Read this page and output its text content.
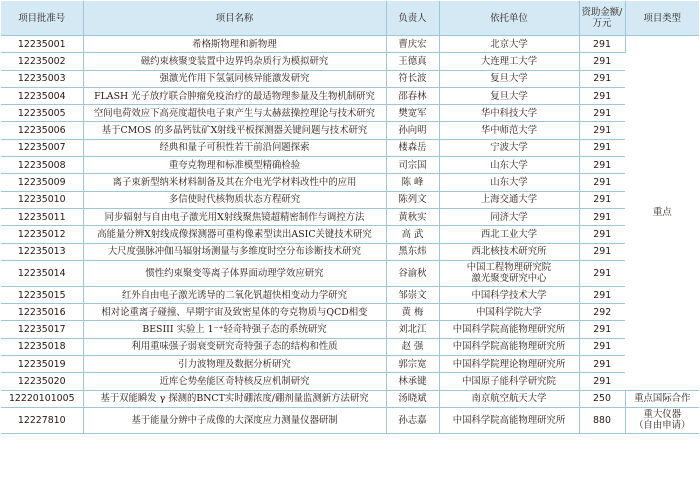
项目批准号	项目名称	负责人	依托单位	资助金额/万元	项目类型
12235001	希格斯物理和新物理	曹庆宏	北京大学	291	重点
12235002	磁约束核聚变装置中边界钨杂质行为模拟研究	王德真	大连理工大学	291	
12235003	强激光作用下氢氩同核异能激发研究	符长波	复旦大学	291	
12235004	FLASH 光子放疗联合肿瘤免疫治疗的最适物理参量及生物机制研究	邵春林	复旦大学	291	
12235005	空间电荷效应下高亮度超快电子束产生与太赫兹操控理论与技术研究	樊宽军	华中科技大学	291	
12235006	基于CMOS 的多晶钙钛矿X射线平板探测器关键问题与技术研究	孙向明	华中师范大学	291	
12235007	经典和量子可积性若干前沿问题探索	楼森岳	宁波大学	291	
12235008	重夸克物理和标准模型精确检验	司宗国	山东大学	291	
12235009	离子束新型纳米材料制备及其在介电光学材料改性中的应用	陈 峰	山东大学	291	
12235010	多信使时代核物质状态方程研究	陈列文	上海交通大学	291	
12235011	同步辐射与自由电子激光用X射线聚焦镜超精密制作与调控方法	黄秋实	同济大学	291	
12235012	高能量分辨X射线成像探测器可重构像素型读出ASIC关键技术研究	高 武	西北工业大学	291	
12235013	大尺度强脉冲伽马辐射场测量与多维度时空分布诊断技术研究	黑东炜	西北核技术研究所	291	
12235014	惯性约束聚变等离子体界面动理学效应研究	谷渝秋	中国工程物理研究院
激光聚变研究中心	291	
12235015	红外自由电子激光诱导的二氧化钒超快相变动力学研究	邹崇文	中国科学技术大学	291	
12235016	相对论重离子碰撞、早期宇宙及致密星体的夸克物质与QCD相变	黄 梅	中国科学院大学	292	
12235017	BESIII 实验上 1⁻⁺轻奇特强子态的系统研究	刘北江	中国科学院高能物理研究所	291	
12235018	利用重味强子弱衰变研究奇特强子态的结构和性质	赵 强	中国科学院高能物理研究所	291	
12235019	引力波物理及数据分析研究	郭宗宽	中国科学院理论物理研究所	291	
12235020	近库仑势垒能区奇特核反应机制研究	林承键	中国原子能科学研究院	291	
12220101005	基于双能瞬发 γ 探测的BNCT实时硼浓度/硼剂量监测新方法研究	汤晓斌	南京航空航天大学	250	重点国际合作
12227810	基于能量分辨中子成像的大深度应力测量仪器研制	孙志嘉	中国科学院高能物理研究所	880	重大仪器
（自由申请）
